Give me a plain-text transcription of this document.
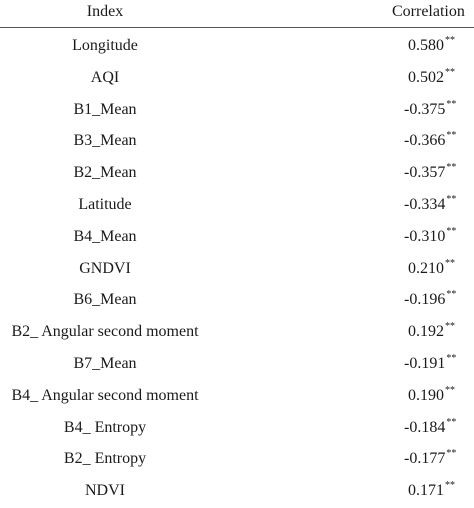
Index	Correlation
Longitude	0.580**
AQI	0.502**
B1_Mean	-0.375**
B3_Mean	-0.366**
B2_Mean	-0.357**
Latitude	-0.334**
B4_Mean	-0.310**
GNDVI	0.210**
B6_Mean	-0.196**
B2_ Angular second moment	0.192**
B7_Mean	-0.191**
B4_ Angular second moment	0.190**
B4_ Entropy	-0.184**
B2_ Entropy	-0.177**
NDVI	0.171**
